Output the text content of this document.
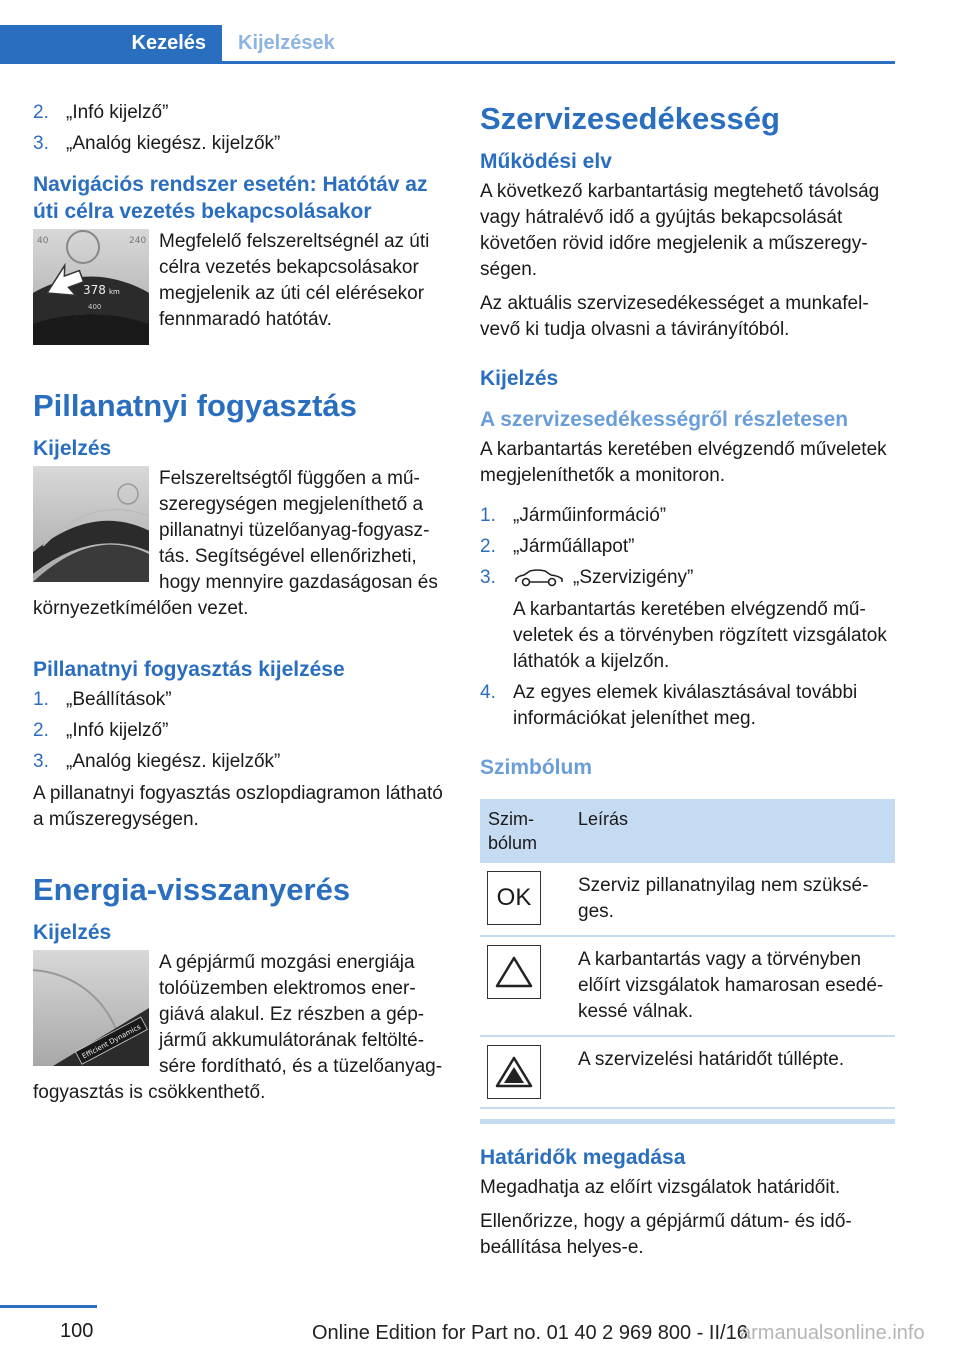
Kezelés	Kijelzések
2. „Infó kijelző”
3. „Analóg kiegész. kijelzők”
Navigációs rendszer esetén: Hatótáv az úti célra vezetés bekapcsolásakor
40	240
378 km
400

Megfelelő felszereltségnél az úti célra vezetés bekapcsolásakor megjelenik az úti cél elérésekor fennmaradó hatótáv.

Pillanatnyi fogyasztás
Kijelzés

Felszereltségtől függően a műszeregységen megjeleníthető a pillanatnyi tüzelőanyag-fogyasztás. Segítségével ellenőrizheti, hogy mennyire gazdaságosan és környezetkímélően vezet.

Pillanatnyi fogyasztás kijelzése
1. „Beállítások”
2. „Infó kijelző”
3. „Analóg kiegész. kijelzők”

A pillanatnyi fogyasztás oszlopdiagramon látható a műszeregységen.

Energia-visszanyerés
Kijelzés
Efficient Dynamics

A gépjármű mozgási energiája tolóüzemben elektromos energiává alakul. Ez részben a gépjármű akkumulátorának feltöltésére fordítható, és a tüzelőanyag-fogyasztás is csökkenthető.

Szervizesedékesség
Működési elv

A következő karbantartásig megtehető távolság vagy hátralévő idő a gyújtás bekapcsolását követően rövid időre megjelenik a műszeregységen.

Az aktuális szervizesedékességet a munkafelvevő ki tudja olvasni a távirányítóból.

Kijelzés
A szervizesedékességről részletesen

A karbantartás keretében elvégzendő műveletek megjeleníthetők a monitoron.

1. „Járműinformáció”
2. „Járműállapot”
3.	„Szervizigény”
A karbantartás keretében elvégzendő műveletek és a törvényben rögzített vizsgálatok láthatók a kijelzőn.
4. Az egyes elemek kiválasztásával további információkat jeleníthet meg.
Szimbólum
Szimbólum	Leírás

OK	Szerviz pillanatnyilag nem szükséges.

	A karbantartás vagy a törvényben előírt vizsgálatok hamarosan esedékessé válnak.

	A szervizelési határidőt túllépte.
Határidők megadása

Megadhatja az előírt vizsgálatok határidőit.

Ellenőrizze, hogy a gépjármű dátum- és időbeállítása helyes-e.

100	Online Edition for Part no. 01 40 2 969 800 - II/16
armanualsonline.info
